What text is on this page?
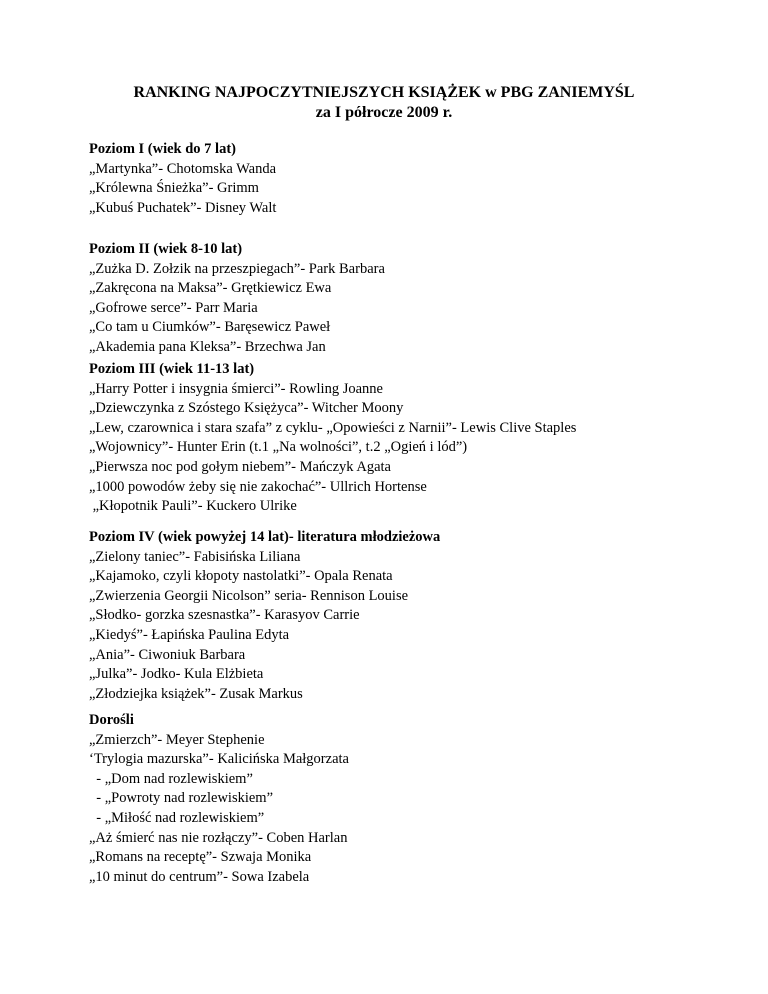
RANKING NAJPOCZYTNIEJSZYCH KSIĄŻEK w PBG ZANIEMYŚL
za I półrocze 2009 r.
Poziom I (wiek do 7 lat)
„Martynka”- Chotomska Wanda
„Królewna Śnieżka”- Grimm
„Kubuś Puchatek”- Disney Walt
Poziom II (wiek 8-10 lat)
„Zużka D. Zołzik na przeszpiegach”- Park Barbara
„Zakręcona na Maksa”- Grętkiewicz Ewa
„Gofrowe serce”- Parr Maria
„Co tam u Ciumków”- Baręsewicz Paweł
„Akademia pana Kleksa”- Brzechwa Jan
Poziom III (wiek 11-13 lat)
„Harry Potter i insygnia śmierci”- Rowling Joanne
„Dziewczynka z Szóstego Księżyca”- Witcher Moony
„Lew, czarownica i stara szafa” z cyklu- „Opowieści z Narnii”- Lewis Clive Staples
„Wojownicy”- Hunter Erin (t.1 „Na wolności”, t.2 „Ogień i lód”)
„Pierwsza noc pod gołym niebem”- Mańczyk Agata
„1000 powodów żeby się nie zakochać”- Ullrich Hortense
„Kłopotnik Pauli”- Kuckero Ulrike
Poziom IV (wiek powyżej 14 lat)- literatura młodzieżowa
„Zielony taniec”- Fabisińska Liliana
„Kajamoko, czyli kłopoty nastolatki”- Opala Renata
„Zwierzenia Georgii Nicolson” seria- Rennison Louise
„Słodko- gorzka szesnastka”- Karasyov Carrie
„Kiedyś”- Łapińska Paulina Edyta
„Ania”- Ciwoniuk Barbara
„Julka”- Jodko- Kula Elżbieta
„Złodziejka książek”- Zusak Markus
Dorośli
„Zmierzch”- Meyer Stephenie
‘Trylogia mazurska”- Kalicińska Małgorzata
- „Dom nad rozlewiskiem”
- „Powroty nad rozlewiskiem”
- „Miłość nad rozlewiskiem”
„Aż śmierć nas nie rozłączy”- Coben Harlan
„Romans na receptę”- Szwaja Monika
„10 minut do centrum”- Sowa Izabela
